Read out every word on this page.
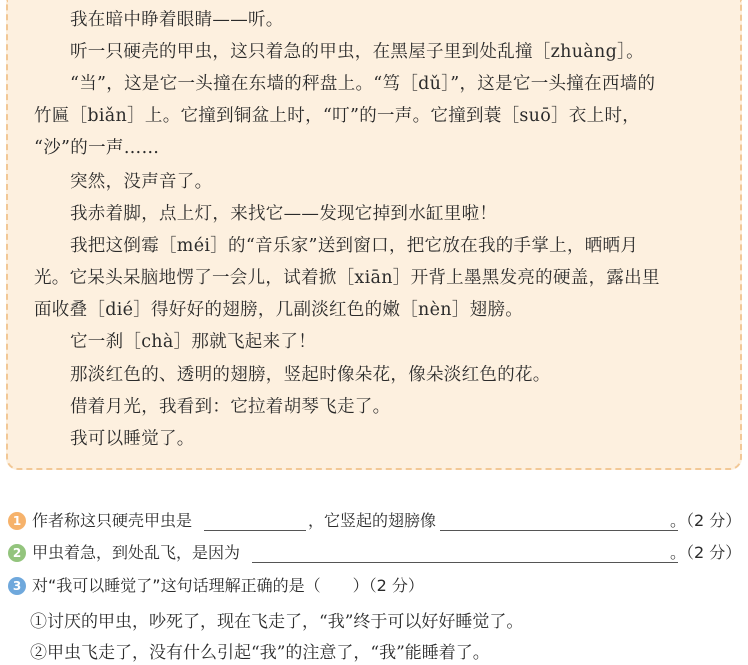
我在暗中睁着眼睛——听。
听一只硬壳的甲虫，这只着急的甲虫，在黑屋子里到处乱撞［zhuàng］。
“当”，这是它一头撞在东墙的秤盘上。“笃［dǔ］”，这是它一头撞在西墙的
竹匾［biǎn］上。它撞到铜盆上时，“叮”的一声。它撞到蓑［suō］衣上时，
“沙”的一声……
突然，没声音了。
我赤着脚，点上灯，来找它——发现它掉到水缸里啦！
我把这倒霉［méi］的“音乐家”送到窗口，把它放在我的手掌上，晒晒月
光。它呆头呆脑地愣了一会儿，试着掀［xiān］开背上墨黑发亮的硬盖，露出里
面收叠［dié］得好好的翅膀，几副淡红色的嫩［nèn］翅膀。
它一刹［chà］那就飞起来了！
那淡红色的、透明的翅膀，竖起时像朵花，像朵淡红色的花。
借着月光，我看到：它拉着胡琴飞走了。
我可以睡觉了。
1 作者称这只硬壳甲虫是	，它竖起的翅膀像	。（2 分）
2 甲虫着急，到处乱飞，是因为	。（2 分）
3 对“我可以睡觉了”这句话理解正确的是（　　）（2 分）
①讨厌的甲虫，吵死了，现在飞走了，“我”终于可以好好睡觉了。
②甲虫飞走了，没有什么引起“我”的注意了，“我”能睡着了。
